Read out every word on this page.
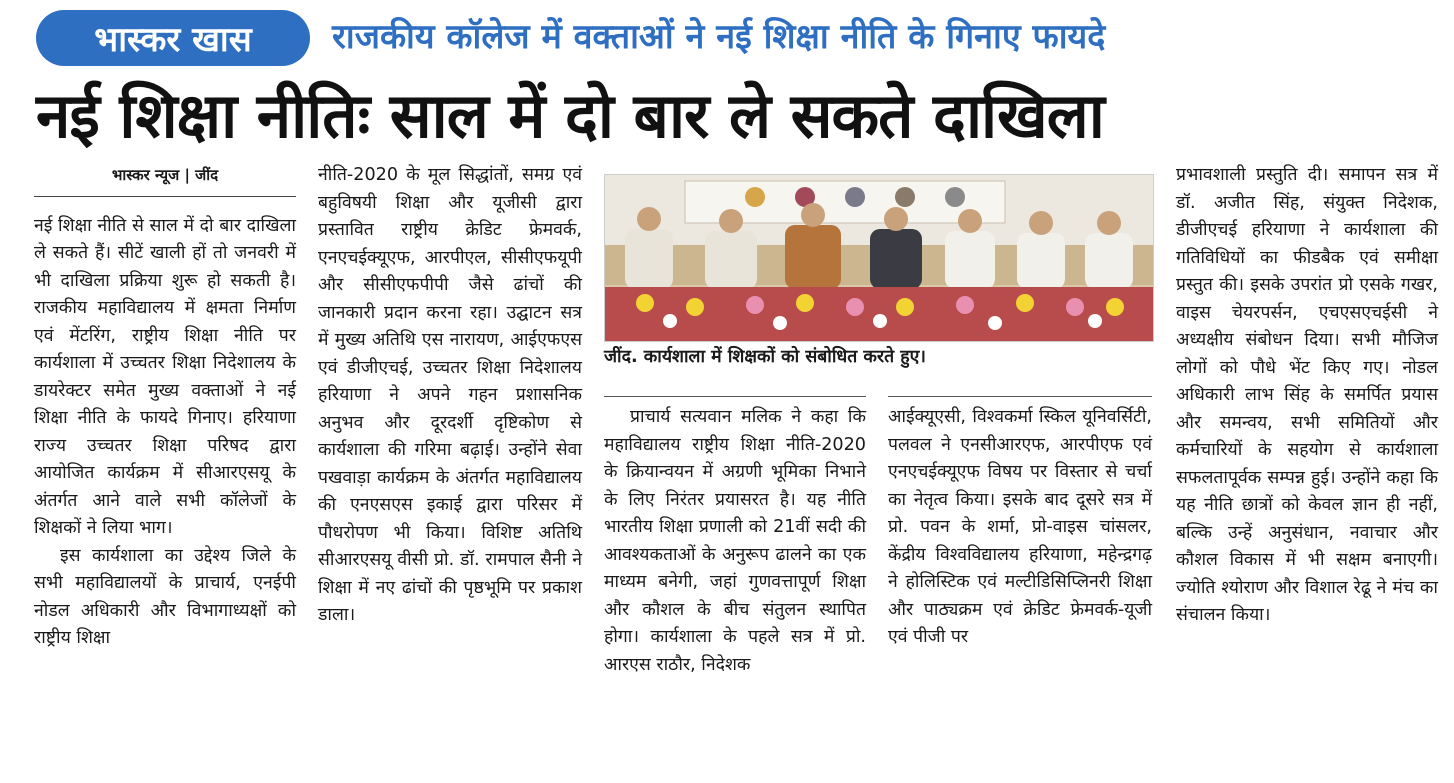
भास्कर खास	राजकीय कॉलेज में वक्ताओं ने नई शिक्षा नीति के गिनाए फायदे
नई शिक्षा नीतिः साल में दो बार ले सकते दाखिला
भास्कर न्यूज | जींद

नई शिक्षा नीति से साल में दो बार दाखिला ले सकते हैं। सीटें खाली हों तो जनवरी में भी दाखिला प्रक्रिया शुरू हो सकती है। राजकीय महाविद्यालय में क्षमता निर्माण एवं मेंटरिंग, राष्ट्रीय शिक्षा नीति पर कार्यशाला में उच्चतर शिक्षा निदेशालय के डायरेक्टर समेत मुख्य वक्ताओं ने नई शिक्षा नीति के फायदे गिनाए। हरियाणा राज्य उच्चतर शिक्षा परिषद द्वारा आयोजित कार्यक्रम में सीआरएसयू के अंतर्गत आने वाले सभी कॉलेजों के शिक्षकों ने लिया भाग।

इस कार्यशाला का उद्देश्य जिले के सभी महाविद्यालयों के प्राचार्य, एनईपी नोडल अधिकारी और विभागाध्यक्षों को राष्ट्रीय शिक्षा

नीति-2020 के मूल सिद्धांतों, समग्र एवं बहुविषयी शिक्षा और यूजीसी द्वारा प्रस्तावित राष्ट्रीय क्रेडिट फ्रेमवर्क, एनएचईक्यूएफ, आरपीएल, सीसीएफयूपी और सीसीएफपीपी जैसे ढांचों की जानकारी प्रदान करना रहा। उद्घाटन सत्र में मुख्य अतिथि एस नारायण, आईएफएस एवं डीजीएचई, उच्चतर शिक्षा निदेशालय हरियाणा ने अपने गहन प्रशासनिक अनुभव और दूरदर्शी दृष्टिकोण से कार्यशाला की गरिमा बढ़ाई। उन्होंने सेवा पखवाड़ा कार्यक्रम के अंतर्गत महाविद्यालय की एनएसएस इकाई द्वारा परिसर में पौधरोपण भी किया। विशिष्ट अतिथि सीआरएसयू वीसी प्रो. डॉ. रामपाल सैनी ने शिक्षा में नए ढांचों की पृष्ठभूमि पर प्रकाश डाला।

जींद. कार्यशाला में शिक्षकों को संबोधित करते हुए।

प्राचार्य सत्यवान मलिक ने कहा कि महाविद्यालय राष्ट्रीय शिक्षा नीति-2020 के क्रियान्वयन में अग्रणी भूमिका निभाने के लिए निरंतर प्रयासरत है। यह नीति भारतीय शिक्षा प्रणाली को 21वीं सदी की आवश्यकताओं के अनुरूप ढालने का एक माध्यम बनेगी, जहां गुणवत्तापूर्ण शिक्षा और कौशल के बीच संतुलन स्थापित होगा। कार्यशाला के पहले सत्र में प्रो. आरएस राठौर, निदेशक

आईक्यूएसी, विश्वकर्मा स्किल यूनिवर्सिटी, पलवल ने एनसीआरएफ, आरपीएफ एवं एनएचईक्यूएफ विषय पर विस्तार से चर्चा का नेतृत्व किया। इसके बाद दूसरे सत्र में प्रो. पवन के शर्मा, प्रो-वाइस चांसलर, केंद्रीय विश्वविद्यालय हरियाणा, महेन्द्रगढ़ ने होलिस्टिक एवं मल्टीडिसिप्लिनरी शिक्षा और पाठ्यक्रम एवं क्रेडिट फ्रेमवर्क-यूजी एवं पीजी पर

प्रभावशाली प्रस्तुति दी। समापन सत्र में डॉ. अजीत सिंह, संयुक्त निदेशक, डीजीएचई हरियाणा ने कार्यशाला की गतिविधियों का फीडबैक एवं समीक्षा प्रस्तुत की। इसके उपरांत प्रो एसके गखर, वाइस चेयरपर्सन, एचएसएचईसी ने अध्यक्षीय संबोधन दिया। सभी मौजिज लोगों को पौधे भेंट किए गए। नोडल अधिकारी लाभ सिंह के समर्पित प्रयास और समन्वय, सभी समितियों और कर्मचारियों के सहयोग से कार्यशाला सफलतापूर्वक सम्पन्न हुई। उन्होंने कहा कि यह नीति छात्रों को केवल ज्ञान ही नहीं, बल्कि उन्हें अनुसंधान, नवाचार और कौशल विकास में भी सक्षम बनाएगी। ज्योति श्योराण और विशाल रेढू ने मंच का संचालन किया।
